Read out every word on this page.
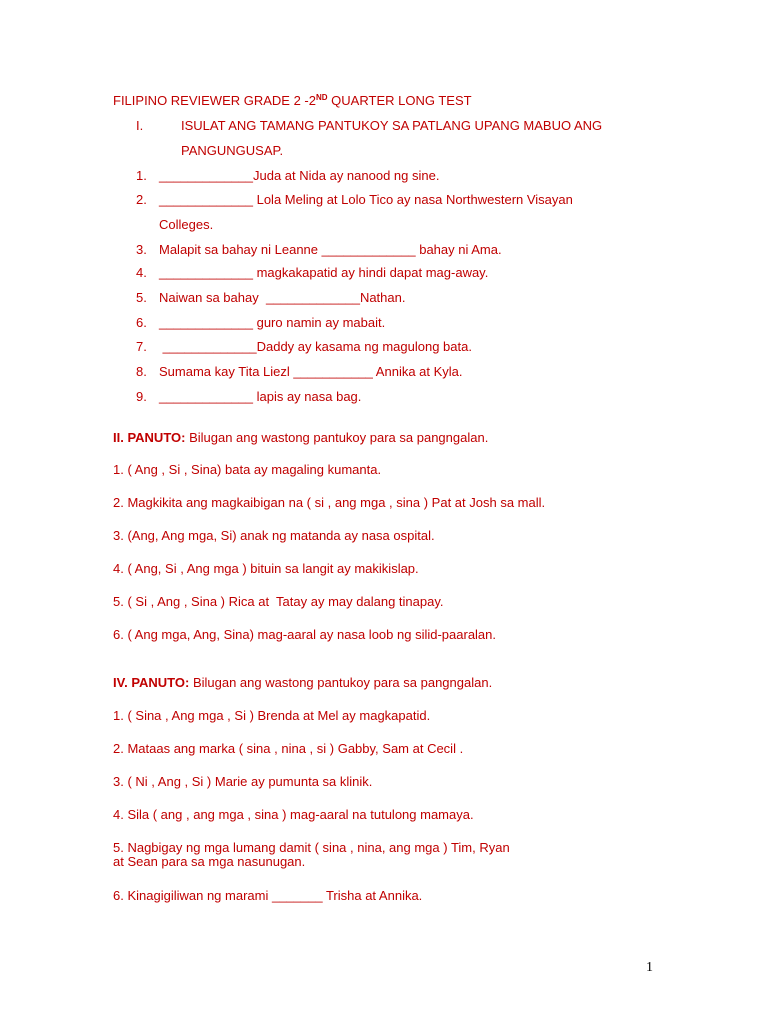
FILIPINO REVIEWER GRADE 2 -2ND QUARTER LONG TEST
I.	ISULAT ANG TAMANG PANTUKOY SA PATLANG UPANG MABUO ANG
PANGUNGUSAP.
1. _____________Juda at Nida ay nanood ng sine.
2. _____________ Lola Meling at Lolo Tico ay nasa Northwestern Visayan
Colleges.
3. Malapit sa bahay ni Leanne _____________ bahay ni Ama.
4. _____________ magkakapatid ay hindi dapat mag-away.
5. Naiwan sa bahay  _____________Nathan.
6. _____________ guro namin ay mabait.
7. _____________Daddy ay kasama ng magulong bata.
8. Sumama kay Tita Liezl ___________ Annika at Kyla.
9. _____________ lapis ay nasa bag.
II. PANUTO: Bilugan ang wastong pantukoy para sa pangngalan.
1. ( Ang , Si , Sina) bata ay magaling kumanta.
2. Magkikita ang magkaibigan na ( si , ang mga , sina ) Pat at Josh sa mall.
3. (Ang, Ang mga, Si) anak ng matanda ay nasa ospital.
4. ( Ang, Si , Ang mga ) bituin sa langit ay makikislap.
5. ( Si , Ang , Sina ) Rica at  Tatay ay may dalang tinapay.
6. ( Ang mga, Ang, Sina) mag-aaral ay nasa loob ng silid-paaralan.
IV. PANUTO: Bilugan ang wastong pantukoy para sa pangngalan.
1. ( Sina , Ang mga , Si ) Brenda at Mel ay magkapatid.
2. Mataas ang marka ( sina , nina , si ) Gabby, Sam at Cecil .
3. ( Ni , Ang , Si ) Marie ay pumunta sa klinik.
4. Sila ( ang , ang mga , sina ) mag-aaral na tutulong mamaya.
5. Nagbigay ng mga lumang damit ( sina , nina, ang mga ) Tim, Ryan
at Sean para sa mga nasunugan.
6. Kinagigiliwan ng marami _______ Trisha at Annika.
1
